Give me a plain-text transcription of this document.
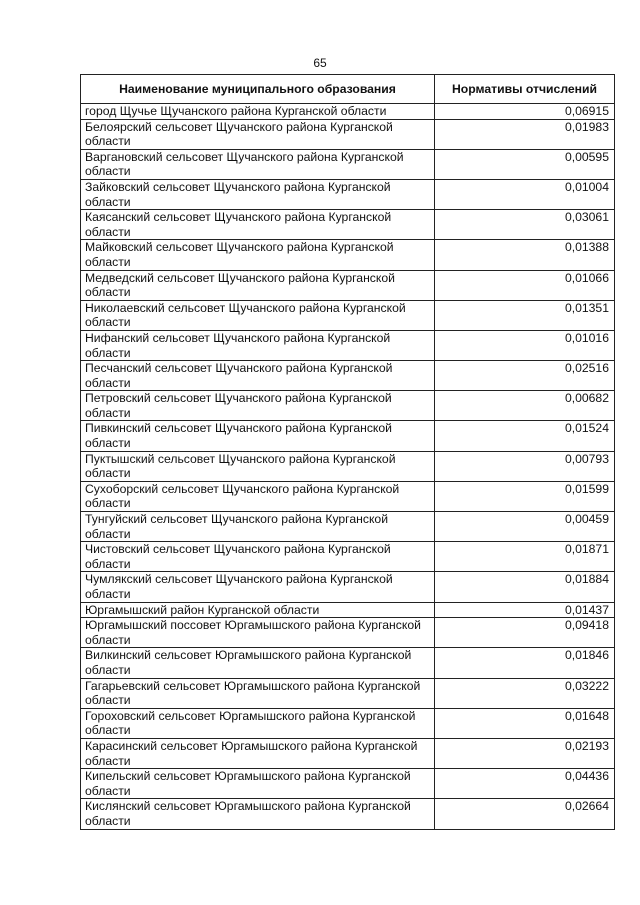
65
Наименование муниципального образования	Нормативы отчислений
город Щучье Щучанского района Курганской области	0,06915
Белоярский сельсовет Щучанского района Курганской области	0,01983
Варгановский сельсовет Щучанского района Курганской области	0,00595
Зайковский сельсовет Щучанского района Курганской области	0,01004
Каясанский сельсовет Щучанского района Курганской области	0,03061
Майковский сельсовет Щучанского района Курганской области	0,01388
Медведский сельсовет Щучанского района Курганской области	0,01066
Николаевский сельсовет Щучанского района Курганской области	0,01351
Нифанский сельсовет Щучанского района Курганской области	0,01016
Песчанский сельсовет Щучанского района Курганской области	0,02516
Петровский сельсовет Щучанского района Курганской области	0,00682
Пивкинский сельсовет Щучанского района Курганской области	0,01524
Пуктышский сельсовет Щучанского района Курганской области	0,00793
Сухоборский сельсовет Щучанского района Курганской области	0,01599
Тунгуйский сельсовет Щучанского района Курганской области	0,00459
Чистовский сельсовет Щучанского района Курганской области	0,01871
Чумлякский сельсовет Щучанского района Курганской области	0,01884
Юргамышский район Курганской области	0,01437
Юргамышский поссовет Юргамышского района Курганской области	0,09418
Вилкинский сельсовет Юргамышского района Курганской области	0,01846
Гагарьевский сельсовет Юргамышского района Курганской области	0,03222
Гороховский сельсовет Юргамышского района Курганской области	0,01648
Карасинский сельсовет Юргамышского района Курганской области	0,02193
Кипельский сельсовет Юргамышского района Курганской области	0,04436
Кислянский сельсовет Юргамышского района Курганской области	0,02664
